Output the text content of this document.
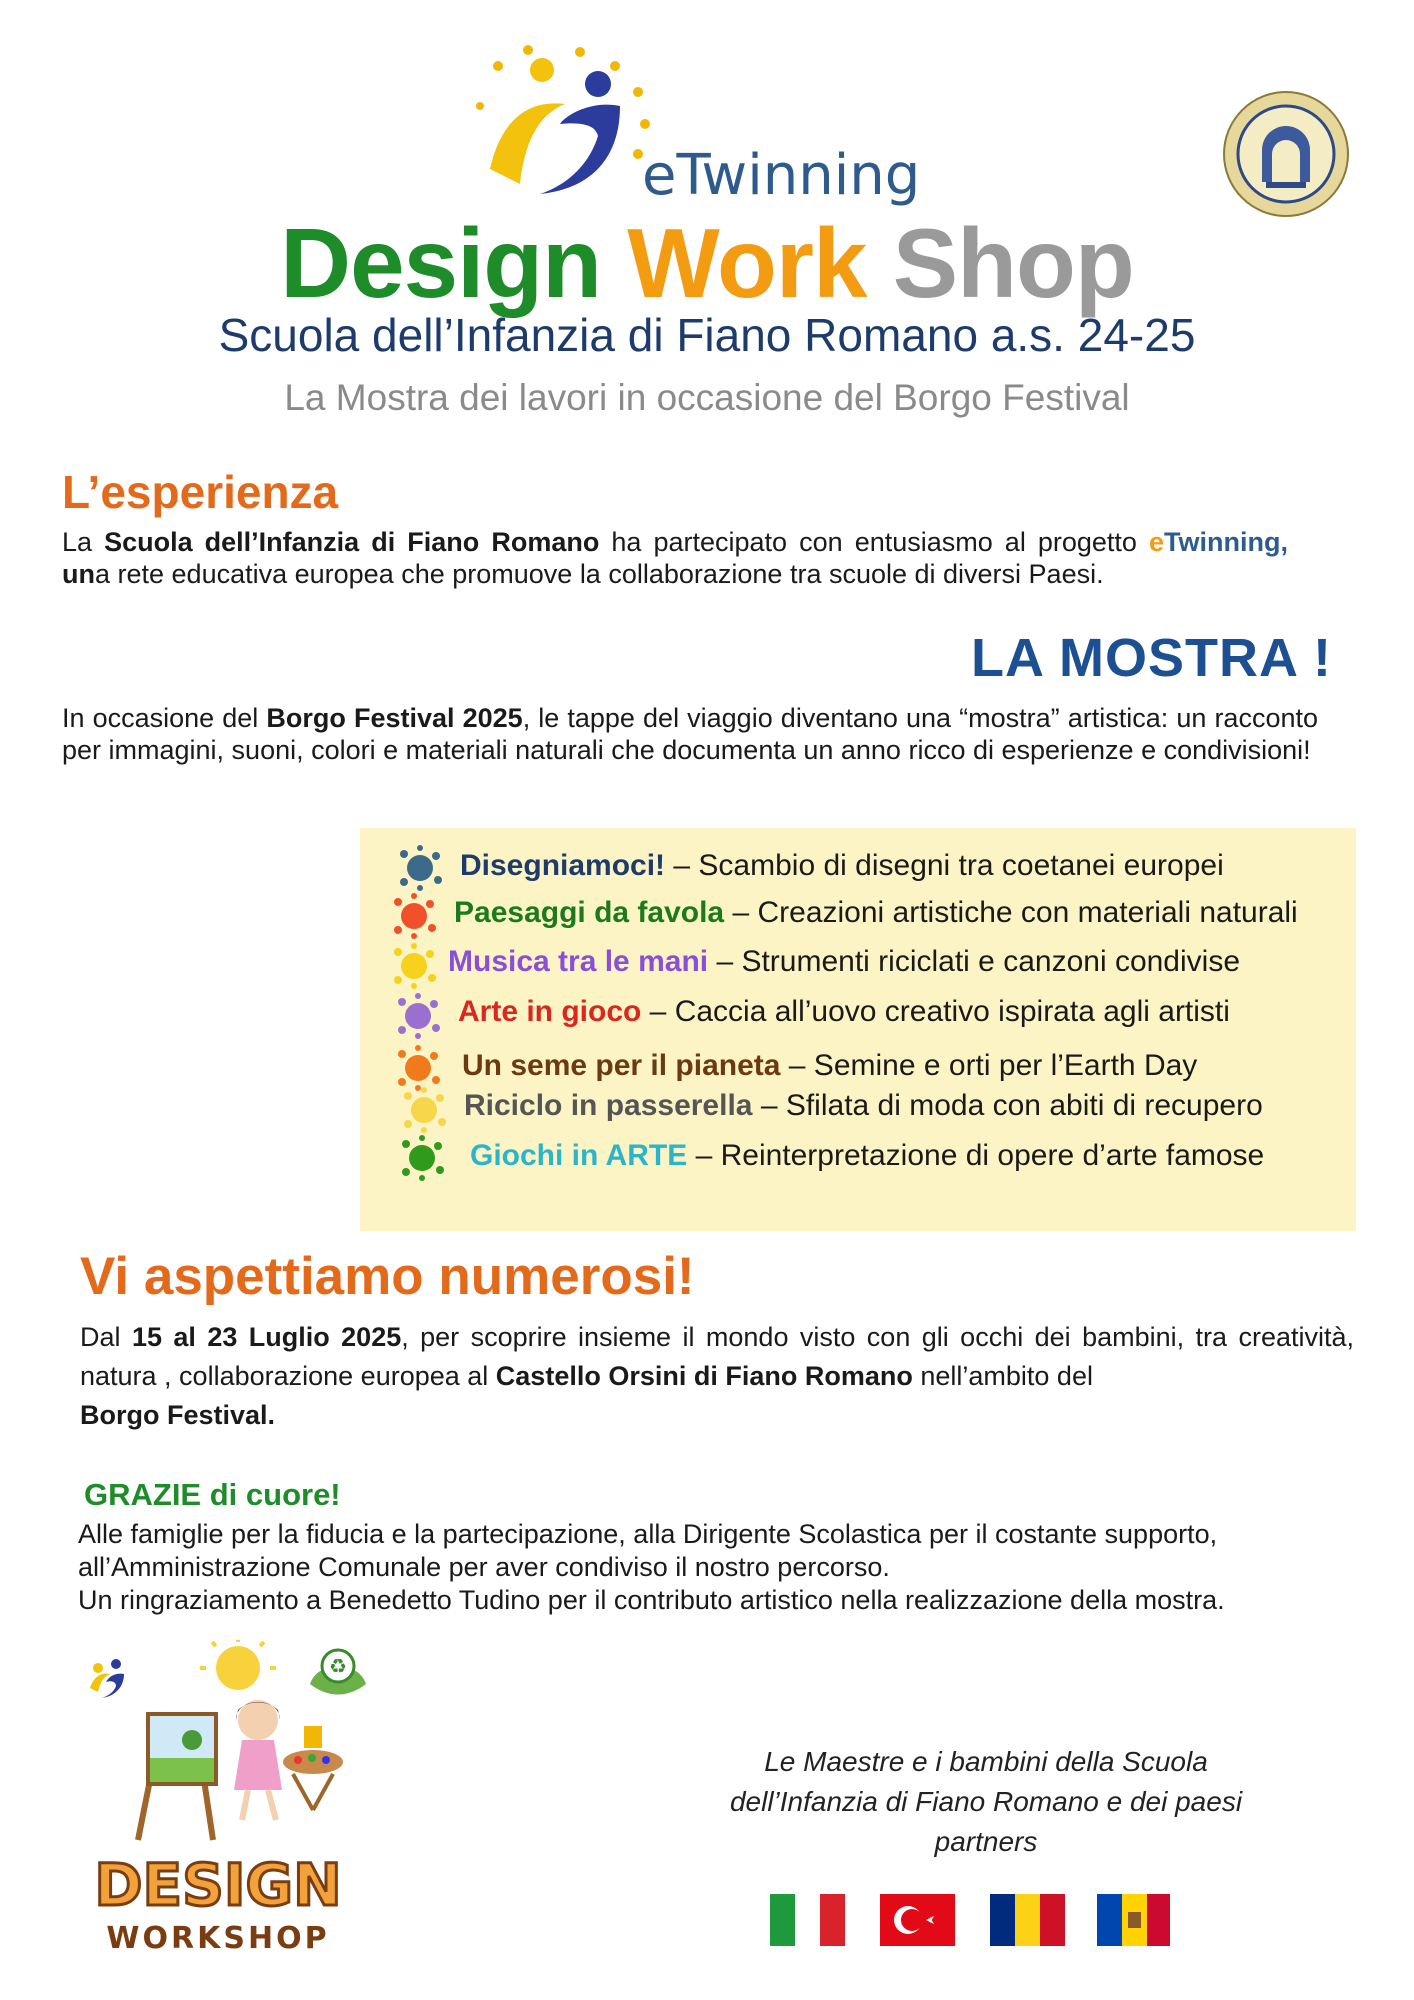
eTwinning
Design Work Shop
Scuola dell’Infanzia di Fiano Romano a.s. 24-25
La Mostra dei lavori in occasione del Borgo Festival
L’esperienza
La Scuola dell’Infanzia di Fiano Romano ha partecipato con entusiasmo al progetto eTwinning, una rete educativa europea che promuove la collaborazione tra scuole di diversi Paesi.
LA MOSTRA !
In occasione del Borgo Festival 2025, le tappe del viaggio diventano una “mostra” artistica: un racconto per immagini, suoni, colori e materiali naturali che documenta un anno ricco di esperienze e condivisioni!
Disegniamoci! – Scambio di disegni tra coetanei europei
Paesaggi da favola – Creazioni artistiche con materiali naturali
Musica tra le mani – Strumenti riciclati e canzoni condivise
Arte in gioco – Caccia all’uovo creativo ispirata agli artisti
Un seme per il pianeta – Semine e orti per l’Earth Day
Riciclo in passerella – Sfilata di moda con abiti di recupero
Giochi in ARTE – Reinterpretazione di opere d’arte famose
Vi aspettiamo numerosi!
Dal 15 al 23 Luglio 2025, per scoprire insieme il mondo visto con gli occhi dei bambini, tra creatività, natura , collaborazione europea al Castello Orsini di Fiano Romano nell’ambito del
Borgo Festival.
GRAZIE di cuore!
Alle famiglie per la fiducia e la partecipazione, alla Dirigente Scolastica per il costante supporto,
all’Amministrazione Comunale per aver condiviso il nostro percorso.
Un ringraziamento a Benedetto Tudino per il contributo artistico nella realizzazione della mostra.
♻
DESIGN
WORKSHOP
Le Maestre e i bambini della Scuola
dell’Infanzia di Fiano Romano e dei paesi
partners
